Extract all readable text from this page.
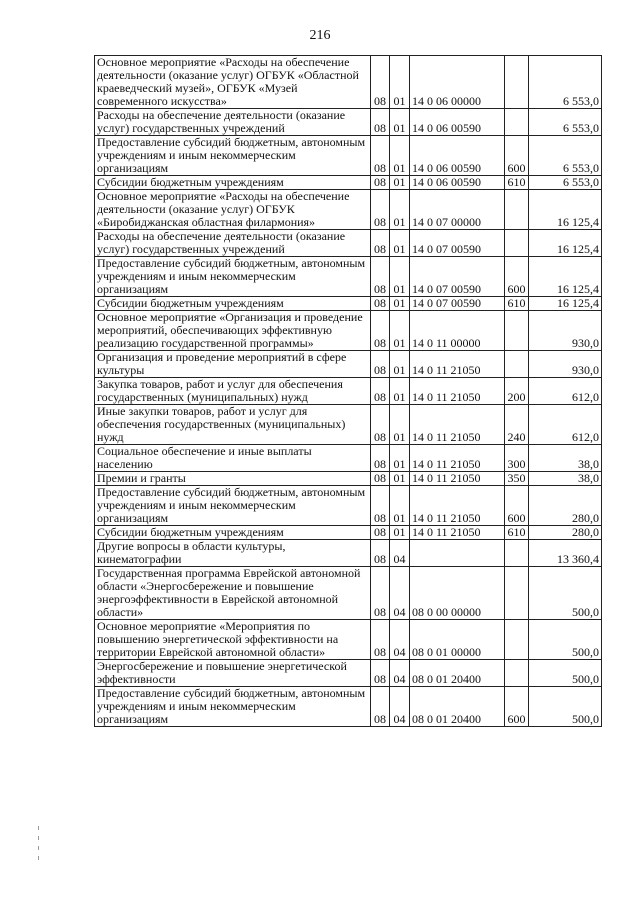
216
Основное мероприятие «Расходы на обеспечение деятельности (оказание услуг) ОГБУК «Областной краеведческий музей», ОГБУК «Музей современного искусства»	08	01	14 0 06 00000		6 553,0
Расходы на обеспечение деятельности (оказание услуг) государственных учреждений	08	01	14 0 06 00590		6 553,0
Предоставление субсидий бюджетным, автономным учреждениям и иным некоммерческим организациям	08	01	14 0 06 00590	600	6 553,0
Субсидии бюджетным учреждениям	08	01	14 0 06 00590	610	6 553,0
Основное мероприятие «Расходы на обеспечение деятельности (оказание услуг) ОГБУК «Биробиджанская областная филармония»	08	01	14 0 07 00000		16 125,4
Расходы на обеспечение деятельности (оказание услуг) государственных учреждений	08	01	14 0 07 00590		16 125,4
Предоставление субсидий бюджетным, автономным учреждениям и иным некоммерческим организациям	08	01	14 0 07 00590	600	16 125,4
Субсидии бюджетным учреждениям	08	01	14 0 07 00590	610	16 125,4
Основное мероприятие «Организация и проведение мероприятий, обеспечивающих эффективную реализацию государственной программы»	08	01	14 0 11 00000		930,0
Организация и проведение мероприятий в сфере культуры	08	01	14 0 11 21050		930,0
Закупка товаров, работ и услуг для обеспечения государственных (муниципальных) нужд	08	01	14 0 11 21050	200	612,0
Иные закупки товаров, работ и услуг для обеспечения государственных (муниципальных) нужд	08	01	14 0 11 21050	240	612,0
Социальное обеспечение и иные выплаты населению	08	01	14 0 11 21050	300	38,0
Премии и гранты	08	01	14 0 11 21050	350	38,0
Предоставление субсидий бюджетным, автономным учреждениям и иным некоммерческим организациям	08	01	14 0 11 21050	600	280,0
Субсидии бюджетным учреждениям	08	01	14 0 11 21050	610	280,0
Другие вопросы в области культуры, кинематографии	08	04			13 360,4
Государственная программа Еврейской автономной области «Энергосбережение и повышение энергоэффективности в Еврейской автономной области»	08	04	08 0 00 00000		500,0
Основное мероприятие «Мероприятия по повышению энергетической эффективности на территории Еврейской автономной области»	08	04	08 0 01 00000		500,0
Энергосбережение и повышение энергетической эффективности	08	04	08 0 01 20400		500,0
Предоставление субсидий бюджетным, автономным учреждениям и иным некоммерческим организациям	08	04	08 0 01 20400	600	500,0
